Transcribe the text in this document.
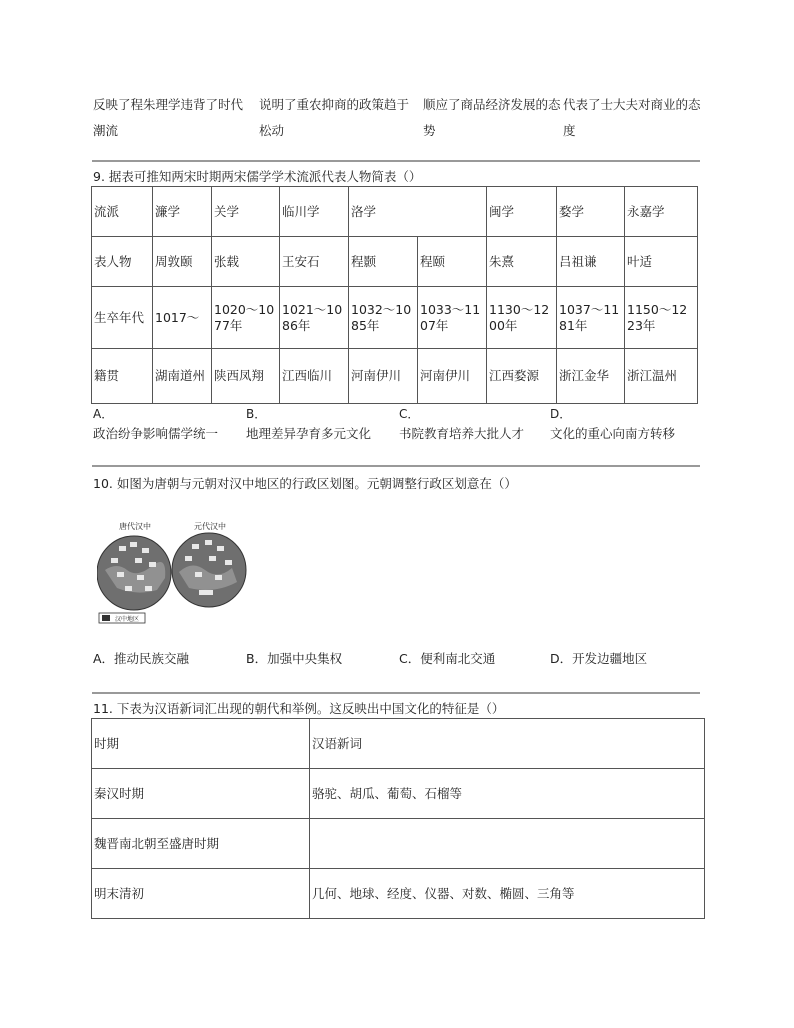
反映了程朱理学违背了时代潮流
说明了重农抑商的政策趋于松动
顺应了商品经济发展的态势
代表了士大夫对商业的态度
9. 据表可推知两宋时期两宋儒学学术流派代表人物简表（）
流派	濂学	关学	临川学	洛学		闽学	婺学	永嘉学
表人物	周敦颐	张载	王安石	程颢	程颐	朱熹	吕祖谦	叶适
生卒年代	1017～	1020～1077年	1021～1086年	1032～1085年	1033～1107年	1130～1200年	1037～1181年	1150～1223年
籍贯	湖南道州	陕西凤翔	江西临川	河南伊川	河南伊川	江西婺源	浙江金华	浙江温州
A．
政治纷争影响儒学统一
B．
地理差异孕育多元文化
C．
书院教育培养大批人才
D．
文化的重心向南方转移
10. 如图为唐朝与元朝对汉中地区的行政区划图。元朝调整行政区划意在（）
唐代汉中	元代汉中
汉中地区
A．推动民族交融	B．加强中央集权	C．便利南北交通	D．开发边疆地区
11. 下表为汉语新词汇出现的朝代和举例。这反映出中国文化的特征是（）
时期	汉语新词
秦汉时期	骆驼、胡瓜、葡萄、石榴等
魏晋南北朝至盛唐时期	
明末清初	几何、地球、经度、仪器、对数、椭圆、三角等
